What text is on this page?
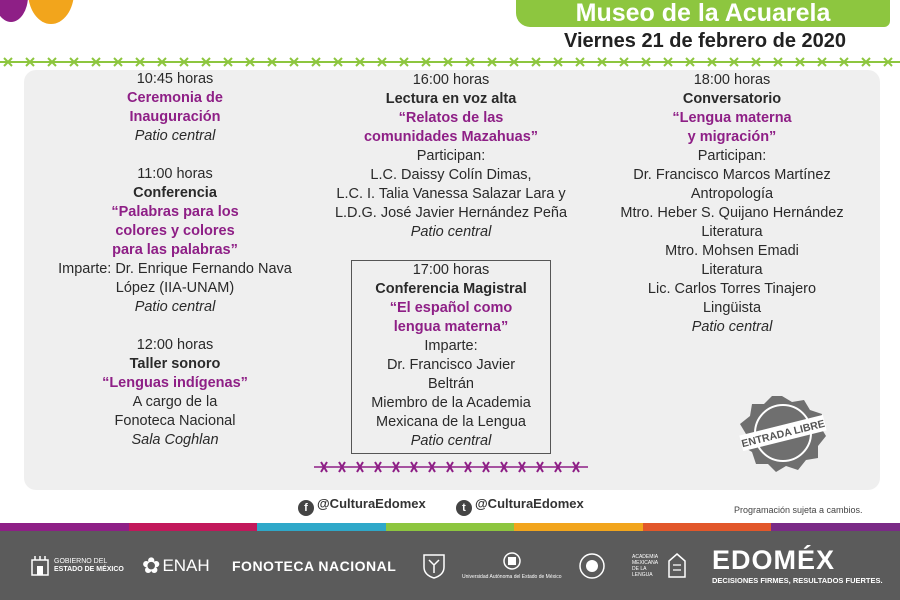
Museo de la Acuarela
Viernes 21 de febrero de 2020
10:45 horas
Ceremonia de
Inauguración
Patio central
11:00 horas
Conferencia
“Palabras para los
colores y colores
para las palabras”
Imparte: Dr. Enrique Fernando Nava
López (IIA-UNAM)
Patio central
12:00 horas
Taller sonoro
“Lenguas indígenas”
A cargo de la
Fonoteca Nacional
Sala Coghlan
16:00 horas
Lectura en voz alta
“Relatos de las
comunidades Mazahuas”
Participan:
L.C. Daissy Colín Dimas,
L.C. I. Talia Vanessa Salazar Lara y
L.D.G. José Javier Hernández Peña
Patio central
17:00 horas
Conferencia Magistral
“El español como
lengua materna”
Imparte:
Dr. Francisco Javier
Beltrán
Miembro de la Academia
Mexicana de la Lengua
Patio central
18:00 horas
Conversatorio
“Lengua materna
y migración”
Participan:
Dr. Francisco Marcos Martínez
Antropología
Mtro. Heber S. Quijano Hernández
Literatura
Mtro. Mohsen Emadi
Literatura
Lic. Carlos Torres Tinajero
Lingüista
Patio central
ENTRADA LIBRE
f @CulturaEdomex	t @CulturaEdomex	Programación sujeta a cambios.
GOBIERNO DEL
ESTADO DE MÉXICO ✿ ENAH FONOTECA NACIONAL
Universidad Autónoma del Estado de México
ACADEMIA MEXICANA DE LA LENGUA	EDOMÉX
DECISIONES FIRMES, RESULTADOS FUERTES.
